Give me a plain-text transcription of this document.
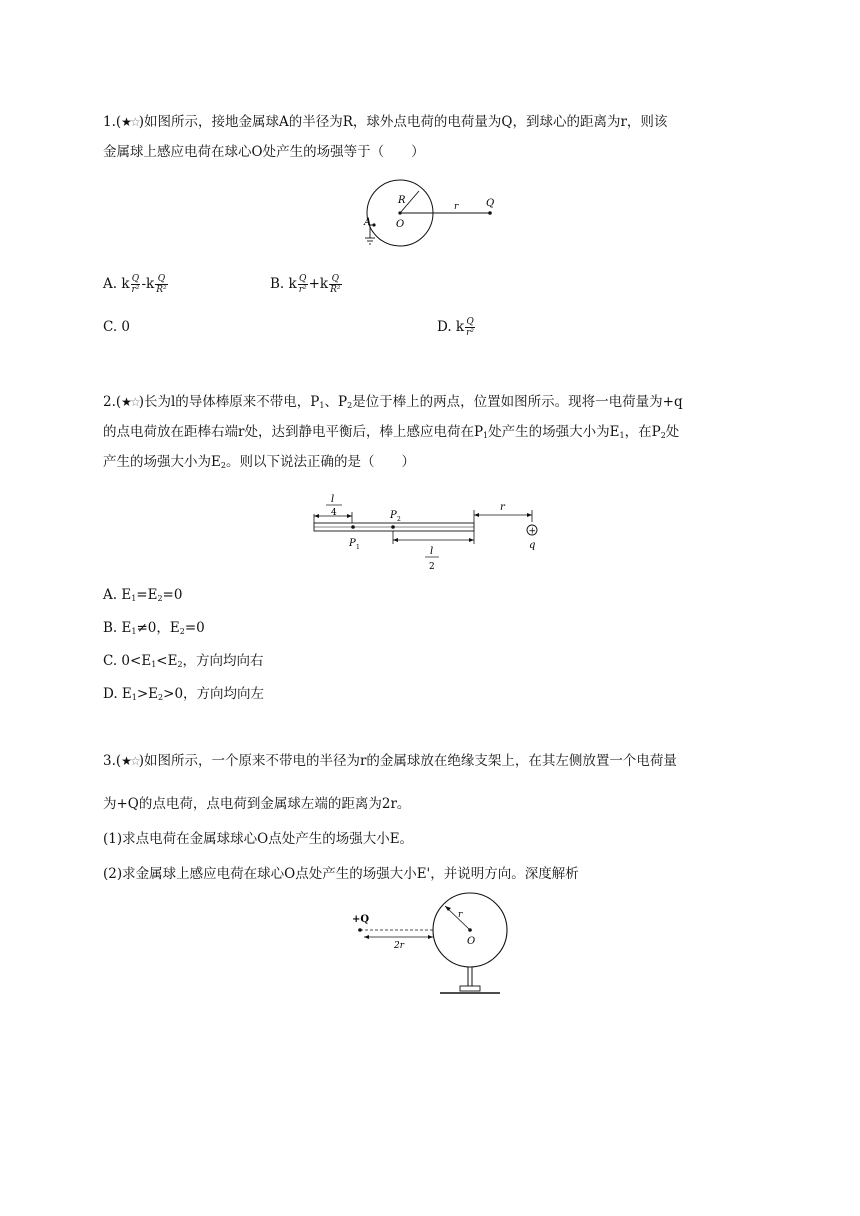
1.(★☆)如图所示，接地金属球A的半径为R，球外点电荷的电荷量为Q，到球心的距离为r，则该
金属球上感应电荷在球心O处产生的场强等于（　　）
R
O
r	Q
A
A. k $\frac{Q}{\text{r²}} -k \frac{Q}{\text{R²}}$	B. k $\frac{Q}{\text{r²}} +k \frac{Q}{\text{R²}}$
C. 0	D. k $\frac{Q}{\text{r²}}$
2.(★☆)长为l的导体棒原来不带电，$P_1$、$P_2$是位于棒上的两点，位置如图所示。现将一电荷量为+q
的点电荷放在距棒右端r处，达到静电平衡后，棒上感应电荷在$P_1$处产生的场强大小为$E_1$，在$P_2$处
产生的场强大小为$E_2$。则以下说法正确的是（　　）
l
4
P 1
P 2
l
2
r
+
q
A. $E_1=E_2=0$
B. $E_1\ne 0$，$E_2=0$
C. $0<E_1<E_2$，方向均向右
D. $E_1>E_2>0$，方向均向左
3.(★☆)如图所示，一个原来不带电的半径为r的金属球放在绝缘支架上，在其左侧放置一个电荷量
为+Q的点电荷，点电荷到金属球左端的距离为2r。
(1)求点电荷在金属球球心O点处产生的场强大小E。
(2)求金属球上感应电荷在球心O点处产生的场强大小E'，并说明方向。深度解析
r
O
+Q
2r
